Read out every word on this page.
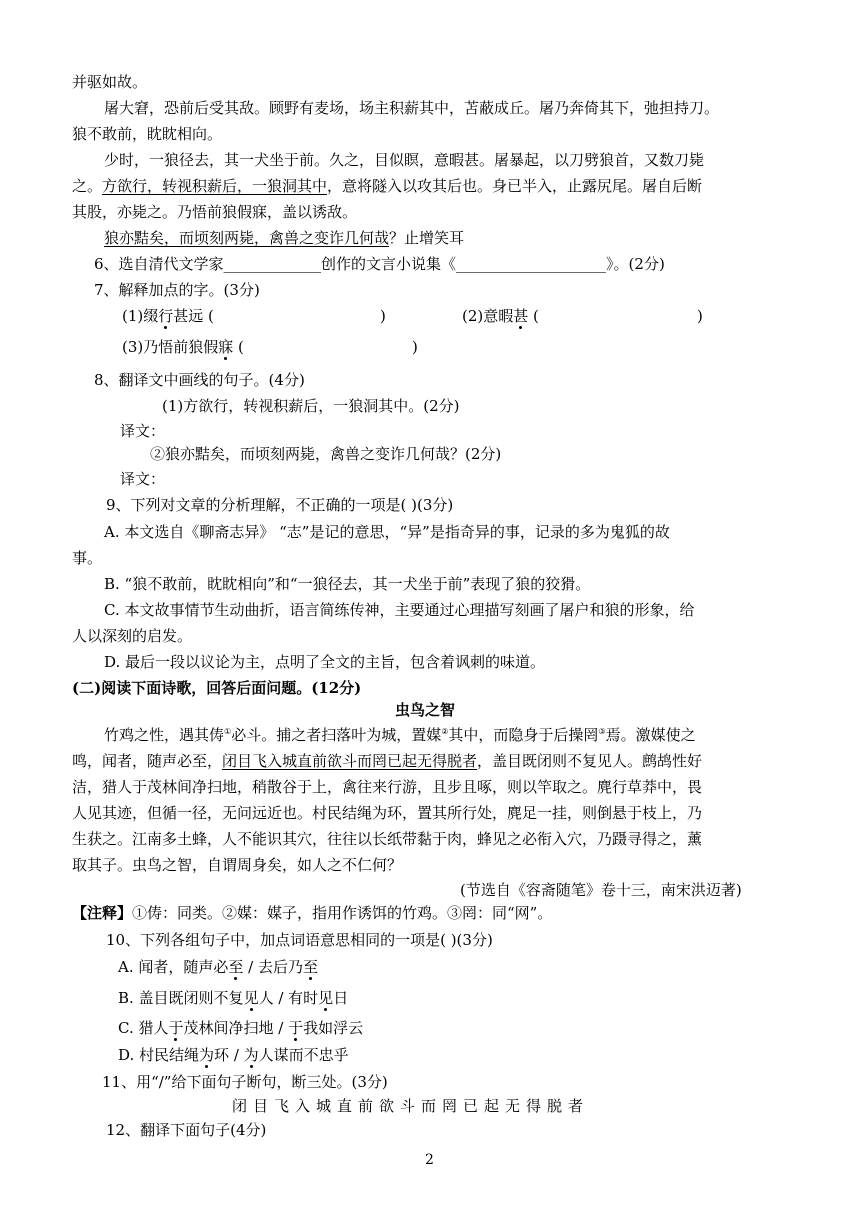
并驱如故。
屠大窘，恐前后受其敌。顾野有麦场，场主积薪其中，苫蔽成丘。屠乃奔倚其下，弛担持刀。
狼不敢前，眈眈相向。
少时，一狼径去，其一犬坐于前。久之，目似瞑，意暇甚。屠暴起，以刀劈狼首，又数刀毙
之。方欲行，转视积薪后，一狼洞其中，意将隧入以攻其后也。身已半入，止露尻尾。屠自后断
其股，亦毙之。乃悟前狼假寐，盖以诱敌。
狼亦黠矣，而顷刻两毙，禽兽之变诈几何哉？止增笑耳
6、选自清代文学家_____________创作的文言小说集《____________________》。(2分)
7、解释加点的字。(3分)
(1)缀行甚远 (	)	(2)意暇甚 (	)
(3)乃悟前狼假寐 (	)
8、翻译文中画线的句子。(4分)
(1)方欲行，转视积薪后，一狼洞其中。(2分)
译文：
②狼亦黠矣，而顷刻两毙，禽兽之变诈几何哉？(2分)
译文：
9、下列对文章的分析理解，不正确的一项是( )(3分)
A. 本文选自《聊斋志异》 “志”是记的意思，“异”是指奇异的事，记录的多为鬼狐的故
事。
B. “狼不敢前，眈眈相向”和“一狼径去，其一犬坐于前”表现了狼的狡猾。
C. 本文故事情节生动曲折，语言简练传神，主要通过心理描写刻画了屠户和狼的形象，给
人以深刻的启发。
D. 最后一段以议论为主，点明了全文的主旨，包含着讽刺的味道。
(二)阅读下面诗歌，回答后面问题。(12分)
虫鸟之智
竹鸡之性，遇其俦①必斗。捕之者扫落叶为城，置媒②其中，而隐身于后操罔③焉。激媒使之
鸣，闻者，随声必至，闭目飞入城直前欲斗而罔已起无得脱者，盖目既闭则不复见人。鹧鸪性好
洁，猎人于茂林间净扫地，稍散谷于上，禽往来行游，且步且啄，则以竿取之。麂行草莽中，畏
人见其迹，但循一径，无问远近也。村民结绳为环，置其所行处，麂足一挂，则倒悬于枝上，乃
生获之。江南多土蜂，人不能识其穴，往往以长纸带黏于肉，蜂见之必衔入穴，乃蹑寻得之，薰
取其子。虫鸟之智，自谓周身矣，如人之不仁何？
(节选自《容斋随笔》卷十三，南宋洪迈著)
【注释】①俦：同类。②媒：媒子，指用作诱饵的竹鸡。③罔：同“网”。
10、下列各组句子中，加点词语意思相同的一项是( )(3分)
A. 闻者，随声必至 / 去后乃至
B. 盖目既闭则不复见人 / 有时见日
C. 猎人于茂林间净扫地 / 于我如浮云
D. 村民结绳为环 / 为人谋而不忠乎
11、用“/”给下面句子断句，断三处。(3分)
闭目飞入城直前欲斗而罔已起无得脱者
12、翻译下面句子(4分)
2
